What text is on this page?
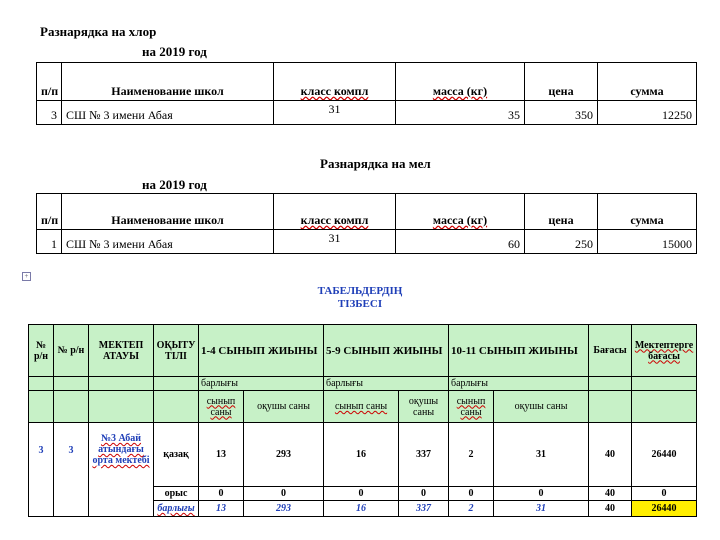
Разнарядка на хлор
на 2019 год
п/п	Наименование школ	класс компл	масса (кг)	цена	сумма
3	СШ № 3 имени Абая	31	35	350	12250
Разнарядка на мел
на 2019 год
п/п	Наименование школ	класс компл	масса (кг)	цена	сумма
1	СШ № 3 имени Абая	31	60	250	15000
+
ТАБЕЛЬДЕРДІҢ
ТІЗБЕСІ
№ р/н	№ р/н	МЕКТЕП АТАУЫ	ОҚЫТУ ТІЛІ	1-4 СЫНЫП ЖИЫНЫ		5-9 СЫНЫП ЖИЫНЫ		10-11 СЫНЫП ЖИЫНЫ		Бағасы	Мектептерге бағасы
				барлығы		барлығы		барлығы			
				сынып саны	оқушы саны	сынып саны	оқушы саны	сынып саны	оқушы саны		
3	3	№3 Абай атындағы орта мектебі	қазақ	13	293	16	337	2	31	40	26440
			орыс	0	0	0	0	0	0	40	0
			барлығы	13	293	16	337	2	31	40	26440
